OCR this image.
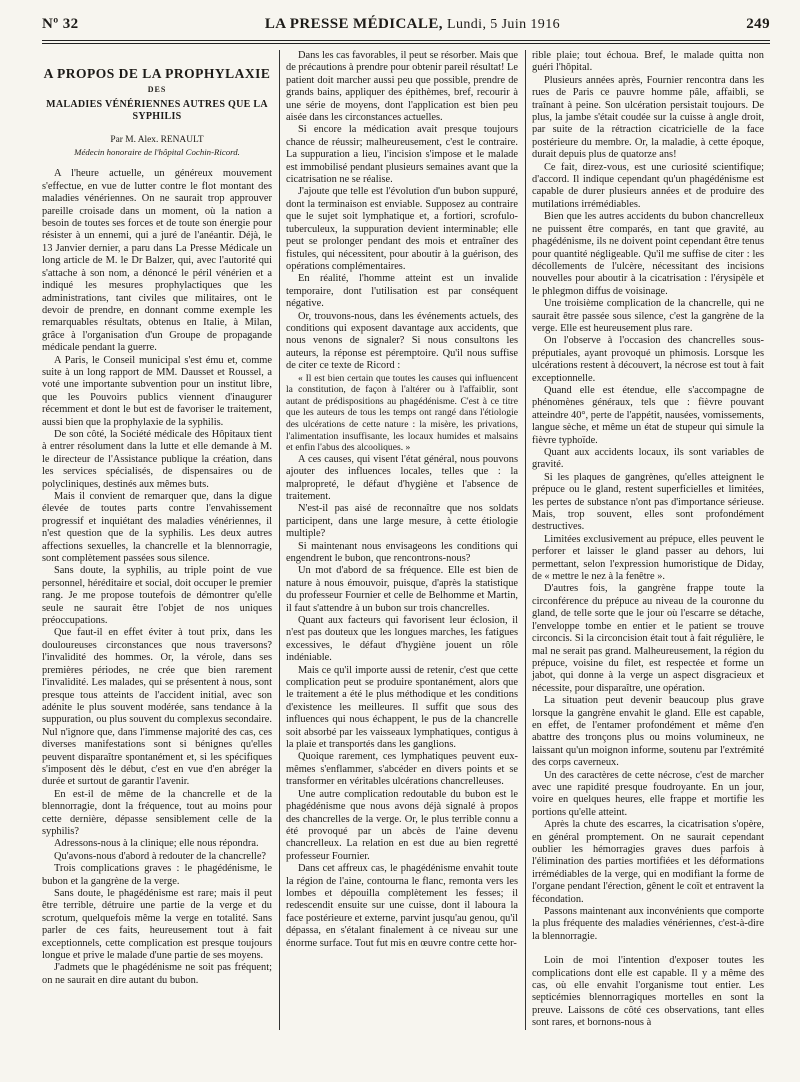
Nº 32	LA PRESSE MÉDICALE, Lundi, 5 Juin 1916	249
A PROPOS DE LA PROPHYLAXIE
DES
MALADIES VÉNÉRIENNES AUTRES QUE LA SYPHILIS
Par M. Alex. RENAULT
Médecin honoraire de l'hôpital Cochin-Ricord.

A l'heure actuelle, un généreux mouvement s'effectue, en vue de lutter contre le flot montant des maladies vénériennes. On ne saurait trop approuver pareille croisade dans un moment, où la nation a besoin de toutes ses forces et de toute son énergie pour résister à un ennemi, qui a juré de l'anéantir. Déjà, le 13 Janvier dernier, a paru dans La Presse Médicale un long article de M. le Dr Balzer, qui, avec l'autorité qui s'attache à son nom, a dénoncé le péril vénérien et a indiqué les mesures prophylactiques que les administrations, tant civiles que militaires, ont le devoir de prendre, en donnant comme exemple les remarquables résultats, obtenus en Italie, à Milan, grâce à l'organisation d'un Groupe de propagande médicale pendant la guerre.

A Paris, le Conseil municipal s'est ému et, comme suite à un long rapport de MM. Dausset et Roussel, a voté une importante subvention pour un institut libre, que les Pouvoirs publics viennent d'inaugurer récemment et dont le but est de favoriser le traitement, aussi bien que la prophylaxie de la syphilis.

De son côté, la Société médicale des Hôpitaux tient à entrer résolument dans la lutte et elle demande à M. le directeur de l'Assistance publique la création, dans les services spécialisés, de dispensaires ou de polycliniques, destinés aux mêmes buts.

Mais il convient de remarquer que, dans la digue élevée de toutes parts contre l'envahissement progressif et inquiétant des maladies vénériennes, il n'est question que de la syphilis. Les deux autres affections sexuelles, la chancrelle et la blennorragie, sont complètement passées sous silence.

Sans doute, la syphilis, au triple point de vue personnel, héréditaire et social, doit occuper le premier rang. Je me propose toutefois de démontrer qu'elle seule ne saurait être l'objet de nos uniques préoccupations.

Que faut-il en effet éviter à tout prix, dans les douloureuses circonstances que nous traversons? l'invalidité des hommes. Or, la vérole, dans ses premières périodes, ne crée que bien rarement l'invalidité. Les malades, qui se présentent à nous, sont presque tous atteints de l'accident initial, avec son adénite le plus souvent modérée, sans tendance à la suppuration, ou plus souvent du complexus secondaire. Nul n'ignore que, dans l'immense majorité des cas, ces diverses manifestations sont si bénignes qu'elles peuvent disparaître spontanément et, si les spécifiques s'imposent dès le début, c'est en vue d'en abréger la durée et surtout de garantir l'avenir.

En est-il de même de la chancrelle et de la blennorragie, dont la fréquence, tout au moins pour cette dernière, dépasse sensiblement celle de la syphilis?

Adressons-nous à la clinique; elle nous répondra.

Qu'avons-nous d'abord à redouter de la chancrelle?

Trois complications graves : le phagédénisme, le bubon et la gangrène de la verge.

Sans doute, le phagédénisme est rare; mais il peut être terrible, détruire une partie de la verge et du scrotum, quelquefois même la verge en totalité. Sans parler de ces faits, heureusement tout à fait exceptionnels, cette complication est presque toujours longue et prive le malade d'une partie de ses moyens.

J'admets que le phagédénisme ne soit pas fréquent; on ne saurait en dire autant du bubon.

Dans les cas favorables, il peut se résorber. Mais que de précautions à prendre pour obtenir pareil résultat! Le patient doit marcher aussi peu que possible, prendre de grands bains, appliquer des épithèmes, bref, recourir à une série de moyens, dont l'application est bien peu aisée dans les circonstances actuelles.

Si encore la médication avait presque toujours chance de réussir; malheureusement, c'est le contraire. La suppuration a lieu, l'incision s'impose et le malade est immobilisé pendant plusieurs semaines avant que la cicatrisation ne se réalise.

J'ajoute que telle est l'évolution d'un bubon suppuré, dont la terminaison est enviable. Supposez au contraire que le sujet soit lymphatique et, a fortiori, scrofulo-tuberculeux, la suppuration devient interminable; elle peut se prolonger pendant des mois et entraîner des fistules, qui nécessitent, pour aboutir à la guérison, des opérations complémentaires.

En réalité, l'homme atteint est un invalide temporaire, dont l'utilisation est par conséquent négative.

Or, trouvons-nous, dans les événements actuels, des conditions qui exposent davantage aux accidents, que nous venons de signaler? Si nous consultons les auteurs, la réponse est péremptoire. Qu'il nous suffise de citer ce texte de Ricord :

« Il est bien certain que toutes les causes qui influencent la constitution, de façon à l'altérer ou à l'affaiblir, sont autant de prédispositions au phagédénisme. C'est à ce titre que les auteurs de tous les temps ont rangé dans l'étiologie des ulcérations de cette nature : la misère, les privations, l'alimentation insuffisante, les locaux humides et malsains et enfin l'abus des alcooliques. »

A ces causes, qui visent l'état général, nous pouvons ajouter des influences locales, telles que : la malpropreté, le défaut d'hygiène et l'absence de traitement.

N'est-il pas aisé de reconnaître que nos soldats participent, dans une large mesure, à cette étiologie multiple?

Si maintenant nous envisageons les conditions qui engendrent le bubon, que rencontrons-nous?

Un mot d'abord de sa fréquence. Elle est bien de nature à nous émouvoir, puisque, d'après la statistique du professeur Fournier et celle de Belhomme et Martin, il faut s'attendre à un bubon sur trois chancrelles.

Quant aux facteurs qui favorisent leur éclosion, il n'est pas douteux que les longues marches, les fatigues excessives, le défaut d'hygiène jouent un rôle indéniable.

Mais ce qu'il importe aussi de retenir, c'est que cette complication peut se produire spontanément, alors que le traitement a été le plus méthodique et les conditions d'existence les meilleures. Il suffit que sous des influences qui nous échappent, le pus de la chancrelle soit absorbé par les vaisseaux lymphatiques, contigus à la plaie et transportés dans les ganglions.

Quoique rarement, ces lymphatiques peuvent eux-mêmes s'enflammer, s'abcéder en divers points et se transformer en véritables ulcérations chancrelleuses.

Une autre complication redoutable du bubon est le phagédénisme que nous avons déjà signalé à propos des chancrelles de la verge. Or, le plus terrible connu a été provoqué par un abcès de l'aine devenu chancrelleux. La relation en est due au bien regretté professeur Fournier.

Dans cet affreux cas, le phagédénisme envahit toute la région de l'aine, contourna le flanc, remonta vers les lombes et dépouilla complètement les fesses; il redescendit ensuite sur une cuisse, dont il laboura la face postérieure et externe, parvint jusqu'au genou, qu'il dépassa, en s'étalant finalement à ce niveau sur une énorme surface. Tout fut mis en œuvre contre cette hor-

rible plaie; tout échoua. Bref, le malade quitta non guéri l'hôpital.

Plusieurs années après, Fournier rencontra dans les rues de Paris ce pauvre homme pâle, affaibli, se traînant à peine. Son ulcération persistait toujours. De plus, la jambe s'était coudée sur la cuisse à angle droit, par suite de la rétraction cicatricielle de la face postérieure du membre. Or, la maladie, à cette époque, durait depuis plus de quatorze ans!

Ce fait, direz-vous, est une curiosité scientifique; d'accord. Il indique cependant qu'un phagédénisme est capable de durer plusieurs années et de produire des mutilations irrémédiables.

Bien que les autres accidents du bubon chancrelleux ne puissent être comparés, en tant que gravité, au phagédénisme, ils ne doivent point cependant être tenus pour quantité négligeable. Qu'il me suffise de citer : les décollements de l'ulcère, nécessitant des incisions nouvelles pour aboutir à la cicatrisation : l'érysipèle et le phlegmon diffus de voisinage.

Une troisième complication de la chancrelle, qui ne saurait être passée sous silence, c'est la gangrène de la verge. Elle est heureusement plus rare.

On l'observe à l'occasion des chancrelles sous-préputiales, ayant provoqué un phimosis. Lorsque les ulcérations restent à découvert, la nécrose est tout à fait exceptionnelle.

Quand elle est étendue, elle s'accompagne de phénomènes généraux, tels que : fièvre pouvant atteindre 40°, perte de l'appétit, nausées, vomissements, langue sèche, et même un état de stupeur qui simule la fièvre typhoïde.

Quant aux accidents locaux, ils sont variables de gravité.

Si les plaques de gangrènes, qu'elles atteignent le prépuce ou le gland, restent superficielles et limitées, les pertes de substance n'ont pas d'importance sérieuse. Mais, trop souvent, elles sont profondément destructives.

Limitées exclusivement au prépuce, elles peuvent le perforer et laisser le gland passer au dehors, lui permettant, selon l'expression humoristique de Diday, de « mettre le nez à la fenêtre ».

D'autres fois, la gangrène frappe toute la circonférence du prépuce au niveau de la couronne du gland, de telle sorte que le jour où l'escarre se détache, l'enveloppe tombe en entier et le patient se trouve circoncis. Si la circoncision était tout à fait régulière, le mal ne serait pas grand. Malheureusement, la région du prépuce, voisine du filet, est respectée et forme un jabot, qui donne à la verge un aspect disgracieux et nécessite, pour disparaître, une opération.

La situation peut devenir beaucoup plus grave lorsque la gangrène envahit le gland. Elle est capable, en effet, de l'entamer profondément et même d'en abattre des tronçons plus ou moins volumineux, ne laissant qu'un moignon informe, soutenu par l'extrémité des corps caverneux.

Un des caractères de cette nécrose, c'est de marcher avec une rapidité presque foudroyante. En un jour, voire en quelques heures, elle frappe et mortifie les portions qu'elle atteint.

Après la chute des escarres, la cicatrisation s'opère, en général promptement. On ne saurait cependant oublier les hémorragies graves dues parfois à l'élimination des parties mortifiées et les déformations irrémédiables de la verge, qui en modifiant la forme de l'organe pendant l'érection, gênent le coït et entravent la fécondation.

Passons maintenant aux inconvénients que comporte la plus fréquente des maladies vénériennes, c'est-à-dire la blennorragie.

Loin de moi l'intention d'exposer toutes les complications dont elle est capable. Il y a même des cas, où elle envahit l'organisme tout entier. Les septicémies blennorragiques mortelles en sont la preuve. Laissons de côté ces observations, tant elles sont rares, et bornons-nous à
